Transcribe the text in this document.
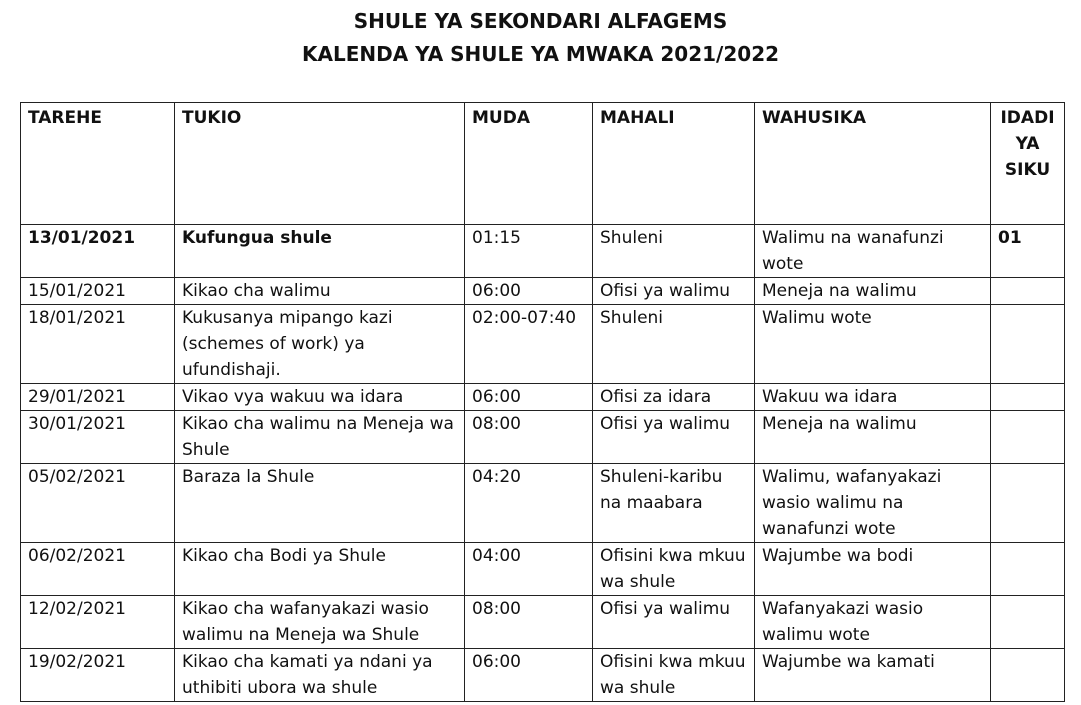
SHULE YA SEKONDARI ALFAGEMS
KALENDA YA SHULE YA MWAKA 2021/2022
TAREHE	TUKIO	MUDA	MAHALI	WAHUSIKA	IDADI YA SIKU
13/01/2021	Kufungua shule	01:15	Shuleni	Walimu na wanafunzi wote	01
15/01/2021	Kikao cha walimu	06:00	Ofisi ya walimu	Meneja na walimu	
18/01/2021	Kukusanya mipango kazi (schemes of work) ya ufundishaji.	02:00-07:40	Shuleni	Walimu wote	
29/01/2021	Vikao vya wakuu wa idara	06:00	Ofisi za idara	Wakuu wa idara	
30/01/2021	Kikao cha walimu na Meneja wa Shule	08:00	Ofisi ya walimu	Meneja na walimu	
05/02/2021	Baraza la Shule	04:20	Shuleni-karibu na maabara	Walimu, wafanyakazi wasio walimu na wanafunzi wote	
06/02/2021	Kikao cha Bodi ya Shule	04:00	Ofisini kwa mkuu wa shule	Wajumbe wa bodi	
12/02/2021	Kikao cha wafanyakazi wasio walimu na Meneja wa Shule	08:00	Ofisi ya walimu	Wafanyakazi wasio walimu wote	
19/02/2021	Kikao cha kamati ya ndani ya uthibiti ubora wa shule	06:00	Ofisini kwa mkuu wa shule	Wajumbe wa kamati	
